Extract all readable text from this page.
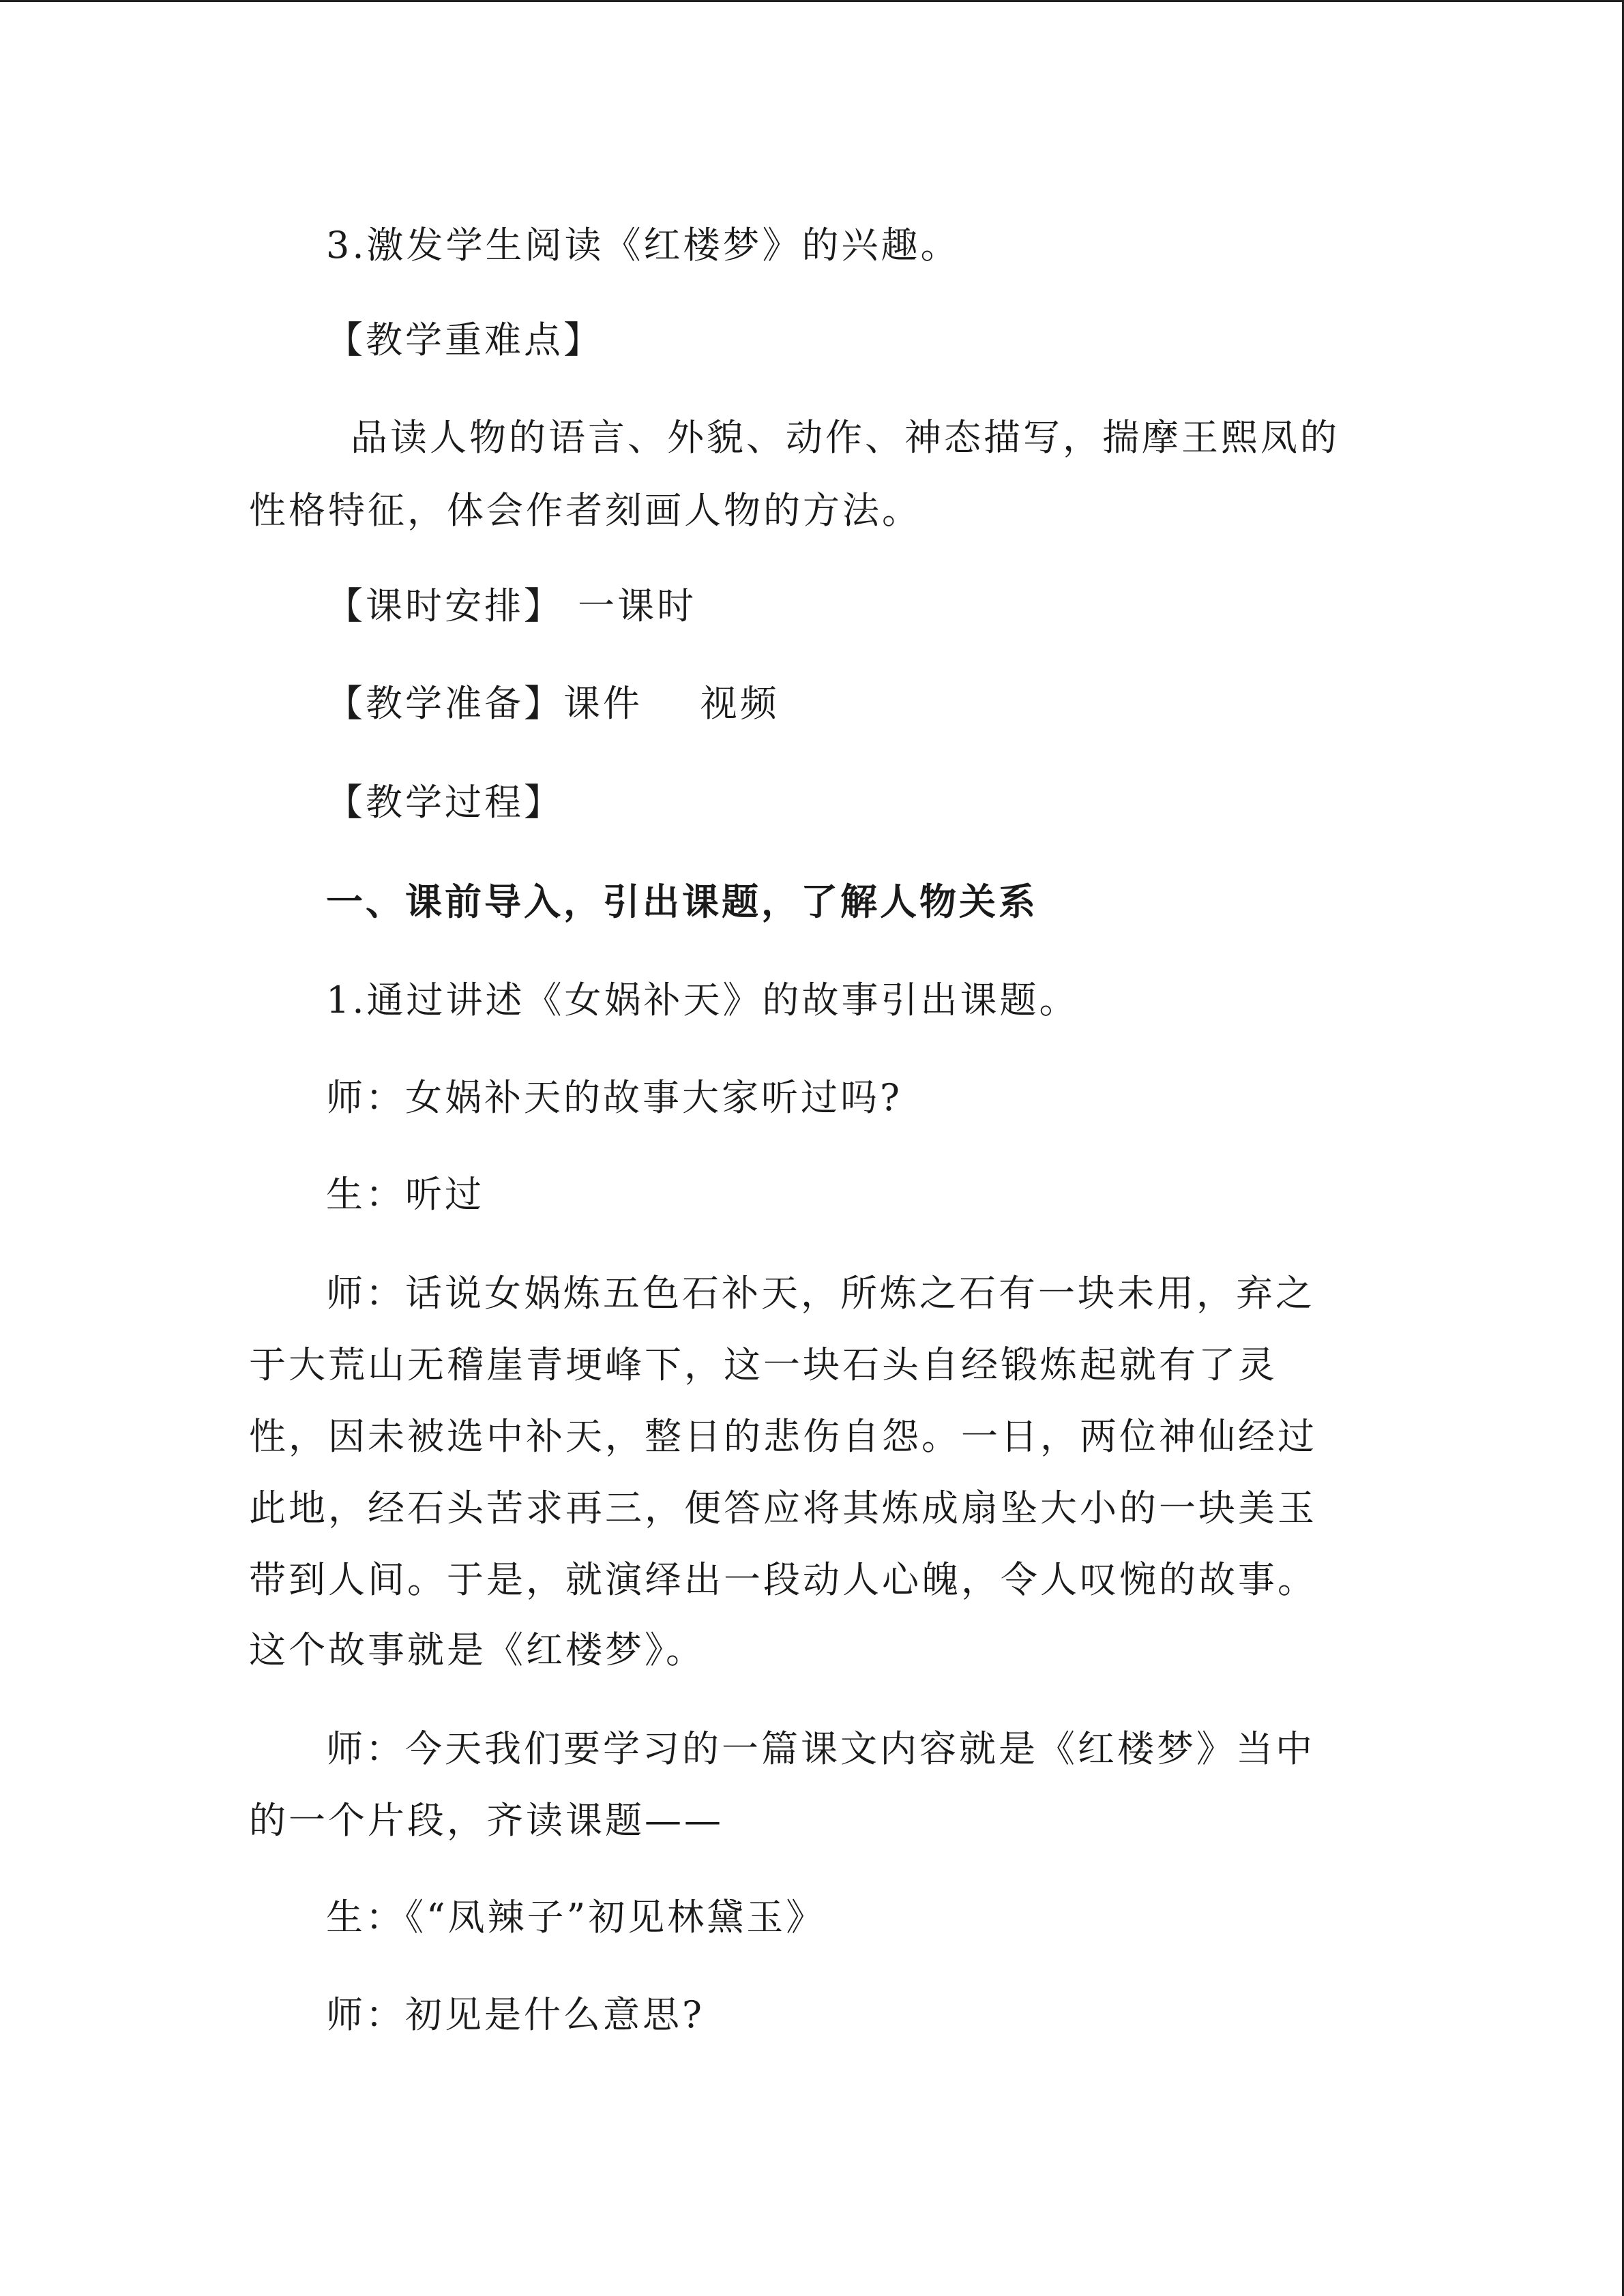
3.激发学生阅读《红楼梦》的兴趣。

【教学重难点】

品读人物的语言、外貌、动作、神态描写，揣摩王熙凤的

性格特征，体会作者刻画人物的方法。

【课时安排】 一课时

【教学准备】课件    视频

【教学过程】

一、课前导入，引出课题，了解人物关系

1.通过讲述《女娲补天》的故事引出课题。

师：女娲补天的故事大家听过吗?

生：听过

师：话说女娲炼五色石补天，所炼之石有一块未用，弃之

于大荒山无稽崖青埂峰下，这一块石头自经锻炼起就有了灵

性，因未被选中补天，整日的悲伤自怨。一日，两位神仙经过

此地，经石头苦求再三，便答应将其炼成扇坠大小的一块美玉

带到人间。于是，就演绎出一段动人心魄，令人叹惋的故事。

这个故事就是《红楼梦》。

师：今天我们要学习的一篇课文内容就是《红楼梦》当中

的一个片段，齐读课题——

生：《“凤辣子”初见林黛玉》

师：初见是什么意思?
